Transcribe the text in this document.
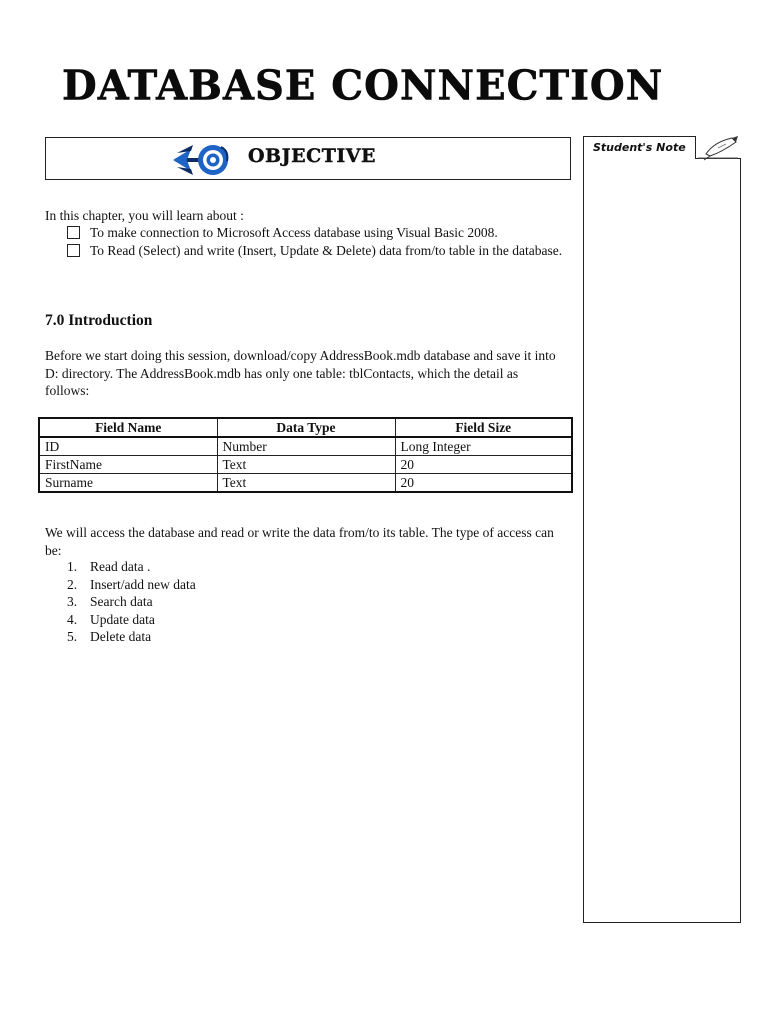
DATABASE CONNECTION
OBJECTIVE	Student's Note

In this chapter, you will learn about :

To make connection to Microsoft Access database using Visual Basic 2008.
To Read (Select) and write (Insert, Update & Delete) data from/to table in the database.
7.0 Introduction

Before we start doing this session, download/copy AddressBook.mdb database and save it into D: directory. The AddressBook.mdb has only one table: tblContacts, which the detail as follows:

Field Name	Data Type	Field Size
ID	Number	Long Integer
FirstName	Text	20
Surname	Text	20

We will access the database and read or write the data from/to its table. The type of access can be:

1. Read data .
2. Insert/add new data
3. Search data
4. Update data
5. Delete data
